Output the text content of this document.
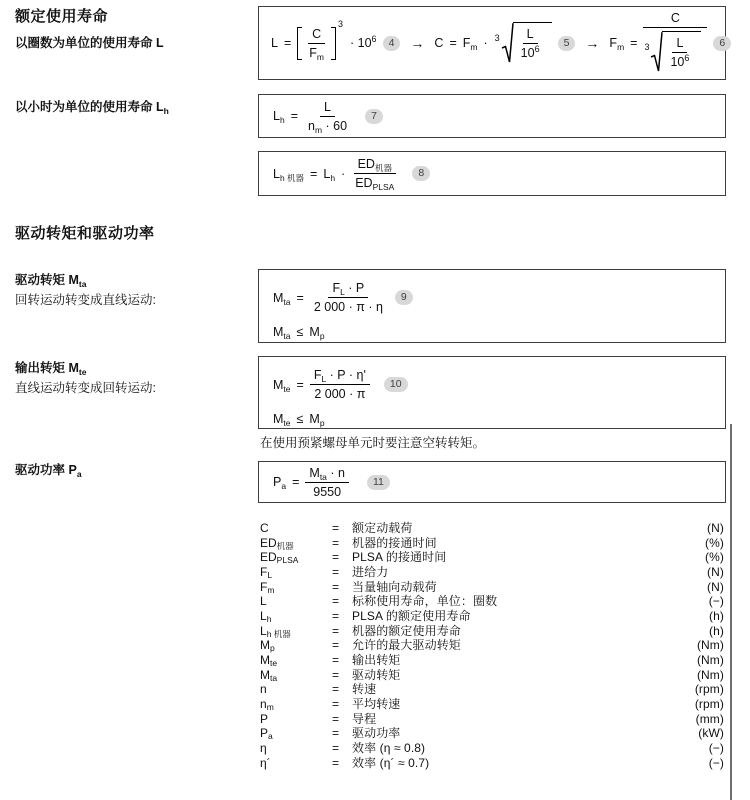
额定使用寿命
以圈数为单位的使用寿命 L
以小时为单位的使用寿命 $L_h$
驱动转矩和驱动功率
驱动转矩 $M_{ta}$
回转运动转变成直线运动:
输出转矩 $M_{te}$
直线运动转变成回转运动:
驱动功率 $P_a$
$L = \frac{C}{F_m}$
$^3$
· $10^6$	4	→ $C = F_m \cdot 3 \frac{L}{10^6}$	5	→ $F_m$ =
C
$3 \frac{L}{10^6}$	6
$L_h = \frac{L}{n_m \cdot 60}$	7
$L_{h 机器} = L_h \cdot \frac{ED_{机器}}{ED_{PLSA}}$	8
$M_{ta} = \frac{F_L \cdot P}{2 000 \cdot \pi \cdot \eta}$	9
$M_{ta} \le M_p$
$M_{te} = \frac{F_L \cdot P \cdot \eta'}{2 000 \cdot \pi}$	10
$M_{te} \le M_p$
在使用预紧螺母单元时要注意空转转矩。
$P_a = \frac{M_{ta} \cdot n}{9550}$	11
C	=	额定动载荷	(N)
$ED_{机器}$	=	机器的接通时间	(%)
$ED_{PLSA}$	=	PLSA 的接通时间	(%)
$F_L$	=	进给力	(N)
$F_m$	=	当量轴向动载荷	(N)
L	=	标称使用寿命，单位：圈数	(−)
$L_h$	=	PLSA 的额定使用寿命	(h)
$L_{h 机器}$	=	机器的额定使用寿命	(h)
$M_p$	=	允许的最大驱动转矩	(Nm)
$M_{te}$	=	输出转矩	(Nm)
$M_{ta}$	=	驱动转矩	(Nm)
n	=	转速	(rpm)
$n_m$	=	平均转速	(rpm)
P	=	导程	(mm)
$P_a$	=	驱动功率	(kW)
η	=	效率 (η ≈ 0.8)	(−)
η´	=	效率 (η´ ≈ 0.7)	(−)
